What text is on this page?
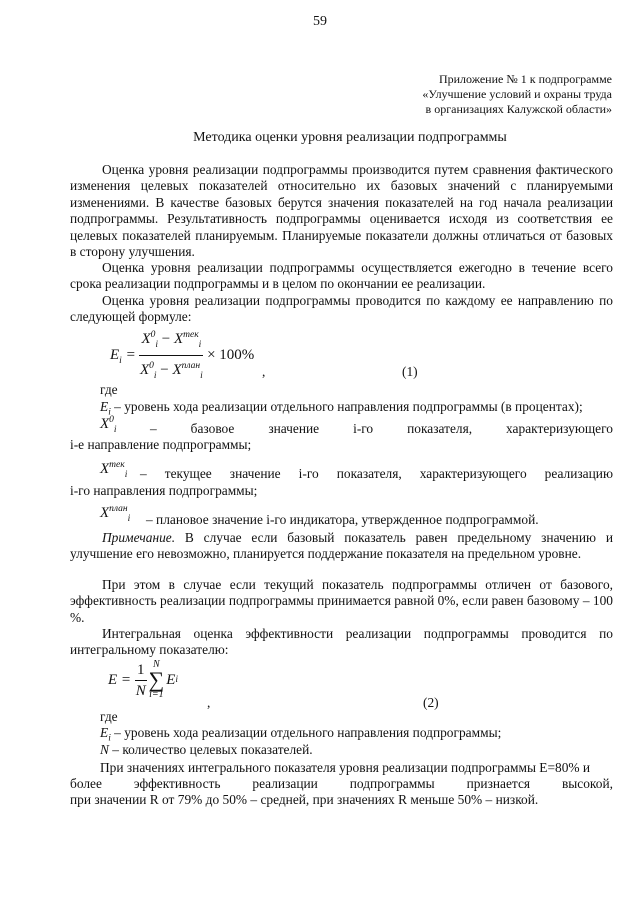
59
Приложение № 1 к подпрограмме
«Улучшение условий и охраны труда
в организациях Калужской области»
Методика оценки уровня реализации подпрограммы

Оценка уровня реализации подпрограммы производится путем сравнения фактического изменения целевых показателей относительно их базовых значений с планируемыми изменениями. В качестве базовых берутся значения показателей на год начала реализации подпрограммы. Результативность подпрограммы оценивается исходя из соответствия ее целевых показателей планируемым. Планируемые показатели должны отличаться от базовых в сторону улучшения.

Оценка уровня реализации подпрограммы осуществляется ежегодно в течение всего срока реализации подпрограммы и в целом по окончании ее реализации.

Оценка уровня реализации подпрограммы проводится по каждому ее направлению по следующей формуле:

$E_i = \frac{X^0_i - X^{тек}_i}{X^0_i - X^{план}_i} \times 100\%$
,	(1)
где
$E_i$ – уровень хода реализации отдельного направления подпрограммы (в процентах);
$X^0_i$ –	базовое	значение	i-го	показателя,	характеризующего
i-е направление подпрограммы;
$X^{тек}_i$ – текущее значение i-го показателя, характеризующего реализацию
i-го направления подпрограммы;
$X^{план}_i$ – плановое значение i-го индикатора, утвержденное подпрограммой.

Примечание. В случае если базовый показатель равен предельному значению и улучшение его невозможно, планируется поддержание показателя на предельном уровне.

При этом в случае если текущий показатель подпрограммы отличен от базового, эффективность реализации подпрограммы принимается равной 0%, если равен базовому – 100 %.

Интегральная оценка эффективности реализации подпрограммы проводится по интегральному показателю:

$E = \frac{1}{N}$ N
∑
i=1
E i
,	(2)
где
$E_i$ – уровень хода реализации отдельного направления подпрограммы;
N – количество целевых показателей.
При значениях интегрального показателя уровня реализации подпрограммы E=80% и
более эффективность реализации подпрограммы признается высокой,
при значении R от 79% до 50% – средней, при значениях R меньше 50% – низкой.
